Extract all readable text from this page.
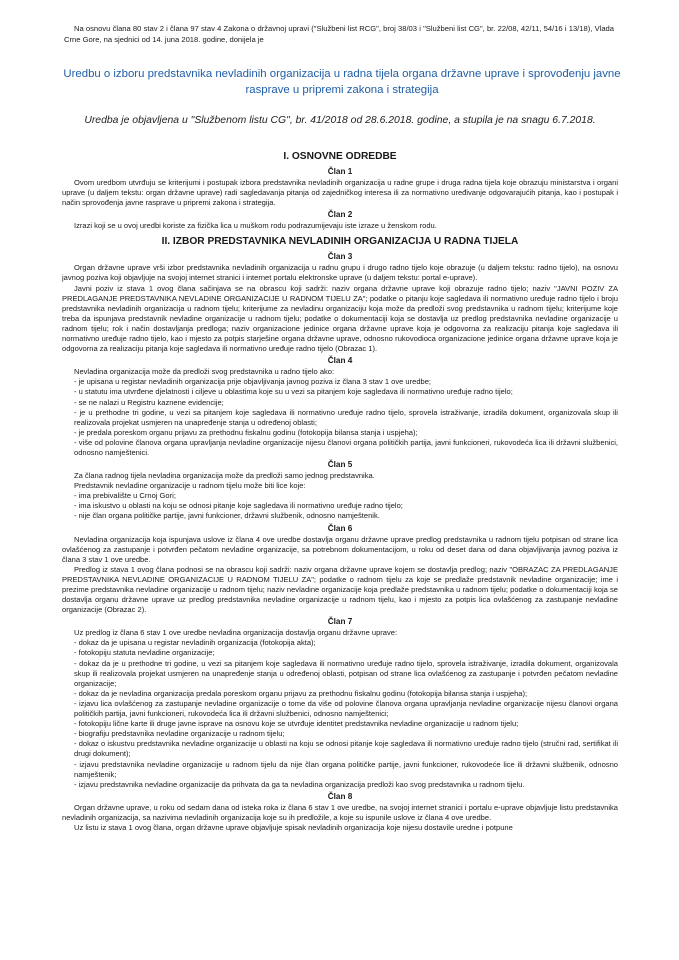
Na osnovu člana 80 stav 2 i člana 97 stav 4 Zakona o državnoj upravi ("Službeni list RCG", broj 38/03 i "Službeni list CG", br. 22/08, 42/11, 54/16 i 13/18), Vlada Crne Gore, na sjednici od 14. juna 2018. godine, donijela je

Uredbu o izboru predstavnika nevladinih organizacija u radna tijela organa državne uprave i sprovođenju javne rasprave u pripremi zakona i strategija
Uredba je objavljena u "Službenom listu CG", br. 41/2018 od 28.6.2018. godine, a stupila je na snagu 6.7.2018.
I. OSNOVNE ODREDBE
Član 1

Ovom uredbom utvrđuju se kriterijumi i postupak izbora predstavnika nevladinih organizacija u radne grupe i druga radna tijela koje obrazuju ministarstva i organi uprave (u daljem tekstu: organ državne uprave) radi sagledavanja pitanja od zajedničkog interesa ili za normativno uređivanje odgovarajućih pitanja, kao i postupak i način sprovođenja javne rasprave u pripremi zakona i strategija.

Član 2

Izrazi koji se u ovoj uredbi koriste za fizička lica u muškom rodu podrazumijevaju iste izraze u ženskom rodu.

II. IZBOR PREDSTAVNIKA NEVLADINIH ORGANIZACIJA U RADNA TIJELA
Član 3

Organ državne uprave vrši izbor predstavnika nevladinih organizacija u radnu grupu i drugo radno tijelo koje obrazuje (u daljem tekstu: radno tijelo), na osnovu javnog poziva koji objavljuje na svojoj internet stranici i internet portalu elektronske uprave (u daljem tekstu: portal e-uprave).

Javni poziv iz stava 1 ovog člana sačinjava se na obrascu koji sadrži: naziv organa državne uprave koji obrazuje radno tijelo; naziv "JAVNI POZIV ZA PREDLAGANJE PREDSTAVNIKA NEVLADINE ORGANIZACIJE U RADNOM TIJELU ZA"; podatke o pitanju koje sagledava ili normativno uređuje radno tijelo i broju predstavnika nevladinih organizacija u radnom tijelu; kriterijume za nevladinu organizaciju koja može da predloži svog predstavnika u radnom tijelu; kriterijume koje treba da ispunjava predstavnik nevladine organizacije u radnom tijelu; podatke o dokumentaciji koja se dostavlja uz predlog predstavnika nevladine organizacije u radnom tijelu; rok i način dostavljanja predloga; naziv organizacione jedinice organa državne uprave koja je odgovorna za realizaciju pitanja koje sagledava ili normativno uređuje radno tijelo, kao i mjesto za potpis starješine organa državne uprave, odnosno rukovodioca organizacione jedinice organa državne uprave koja je odgovorna za realizaciju pitanja koje sagledava ili normativno uređuje radno tijelo (Obrazac 1).

Član 4

Nevladina organizacija može da predloži svog predstavnika u radno tijelo ako:

- je upisana u registar nevladinih organizacija prije objavljivanja javnog poziva iz člana 3 stav 1 ove uredbe;

- u statutu ima utvrđene djelatnosti i ciljeve u oblastima koje su u vezi sa pitanjem koje sagledava ili normativno uređuje radno tijelo;

- se ne nalazi u Registru kaznene evidencije;

- je u prethodne tri godine, u vezi sa pitanjem koje sagledava ili normativno uređuje radno tijelo, sprovela istraživanje, izradila dokument, organizovala skup ili realizovala projekat usmjeren na unapređenje stanja u određenoj oblasti;

- je predala poreskom organu prijavu za prethodnu fiskalnu godinu (fotokopija bilansa stanja i uspjeha);

- više od polovine članova organa upravljanja nevladine organizacije nijesu članovi organa političkih partija, javni funkcioneri, rukovodeća lica ili državni službenici, odnosno namještenici.

Član 5

Za člana radnog tijela nevladina organizacija može da predloži samo jednog predstavnika.

Predstavnik nevladine organizacije u radnom tijelu može biti lice koje:

- ima prebivalište u Crnoj Gori;

- ima iskustvo u oblasti na koju se odnosi pitanje koje sagledava ili normativno uređuje radno tijelo;

- nije član organa političke partije, javni funkcioner, državni službenik, odnosno namještenik.

Član 6

Nevladina organizacija koja ispunjava uslove iz člana 4 ove uredbe dostavlja organu državne uprave predlog predstavnika u radnom tijelu potpisan od strane lica ovlašćenog za zastupanje i potvrđen pečatom nevladine organizacije, sa potrebnom dokumentacijom, u roku od deset dana od dana objavljivanja javnog poziva iz člana 3 stav 1 ove uredbe.

Predlog iz stava 1 ovog člana podnosi se na obrascu koji sadrži: naziv organa državne uprave kojem se dostavlja predlog; naziv "OBRAZAC ZA PREDLAGANJE PREDSTAVNIKA NEVLADINE ORGANIZACIJE U RADNOM TIJELU ZA"; podatke o radnom tijelu za koje se predlaže predstavnik nevladine organizacije; ime i prezime predstavnika nevladine organizacije u radnom tijelu; naziv nevladine organizacije koja predlaže predstavnika u radnom tijelu; podatke o dokumentaciji koja se dostavlja organu državne uprave uz predlog predstavnika nevladine organizacije u radnom tijelu, kao i mjesto za potpis lica ovlašćenog za zastupanje nevladine organizacije (Obrazac 2).

Član 7

Uz predlog iz člana 6 stav 1 ove uredbe nevladina organizacija dostavlja organu državne uprave:

- dokaz da je upisana u registar nevladinih organizacija (fotokopija akta);

- fotokopiju statuta nevladine organizacije;

- dokaz da je u prethodne tri godine, u vezi sa pitanjem koje sagledava ili normativno uređuje radno tijelo, sprovela istraživanje, izradila dokument, organizovala skup ili realizovala projekat usmjeren na unapređenje stanja u određenoj oblasti, potpisan od strane lica ovlašćenog za zastupanje i potvrđen pečatom nevladine organizacije;

- dokaz da je nevladina organizacija predala poreskom organu prijavu za prethodnu fiskalnu godinu (fotokopija bilansa stanja i uspjeha);

- izjavu lica ovlašćenog za zastupanje nevladine organizacije o tome da više od polovine članova organa upravljanja nevladine organizacije nijesu članovi organa političkih partija, javni funkcioneri, rukovodeća lica ili državni službenici, odnosno namještenici;

- fotokopiju lične karte ili druge javne isprave na osnovu koje se utvrđuje identitet predstavnika nevladine organizacije u radnom tijelu;

- biografiju predstavnika nevladine organizacije u radnom tijelu;

- dokaz o iskustvu predstavnika nevladine organizacije u oblasti na koju se odnosi pitanje koje sagledava ili normativno uređuje radno tijelo (stručni rad, sertifikat ili drugi dokument);

- izjavu predstavnika nevladine organizacije u radnom tijelu da nije član organa političke partije, javni funkcioner, rukovodeće lice ili državni službenik, odnosno namještenik;

- izjavu predstavnika nevladine organizacije da prihvata da ga ta nevladina organizacija predloži kao svog predstavnika u radnom tijelu.

Član 8

Organ državne uprave, u roku od sedam dana od isteka roka iz člana 6 stav 1 ove uredbe, na svojoj internet stranici i portalu e-uprave objavljuje listu predstavnika nevladinih organizacija, sa nazivima nevladinih organizacija koje su ih predložile, a koje su ispunile uslove iz člana 4 ove uredbe.

Uz listu iz stava 1 ovog člana, organ državne uprave objavljuje spisak nevladinih organizacija koje nijesu dostavile uredne i potpune
